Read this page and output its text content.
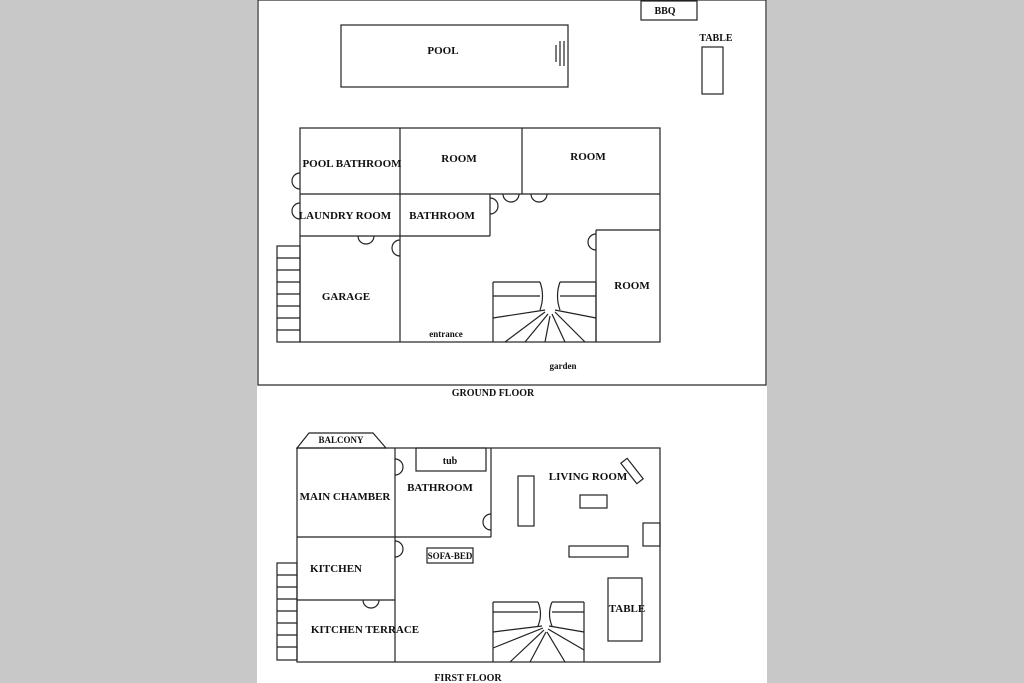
POOL
BBQ
TABLE
POOL BATHROOM	ROOM	ROOM
LAUNDRY ROOM BATHROOM
ROOM
GARAGE
entrance
garden
GROUND FLOOR
BALCONY
tub
SOFA-BED
MAIN CHAMBER
BATHROOM
LIVING ROOM
KITCHEN
KITCHEN TERRACE
TABLE
FIRST FLOOR
